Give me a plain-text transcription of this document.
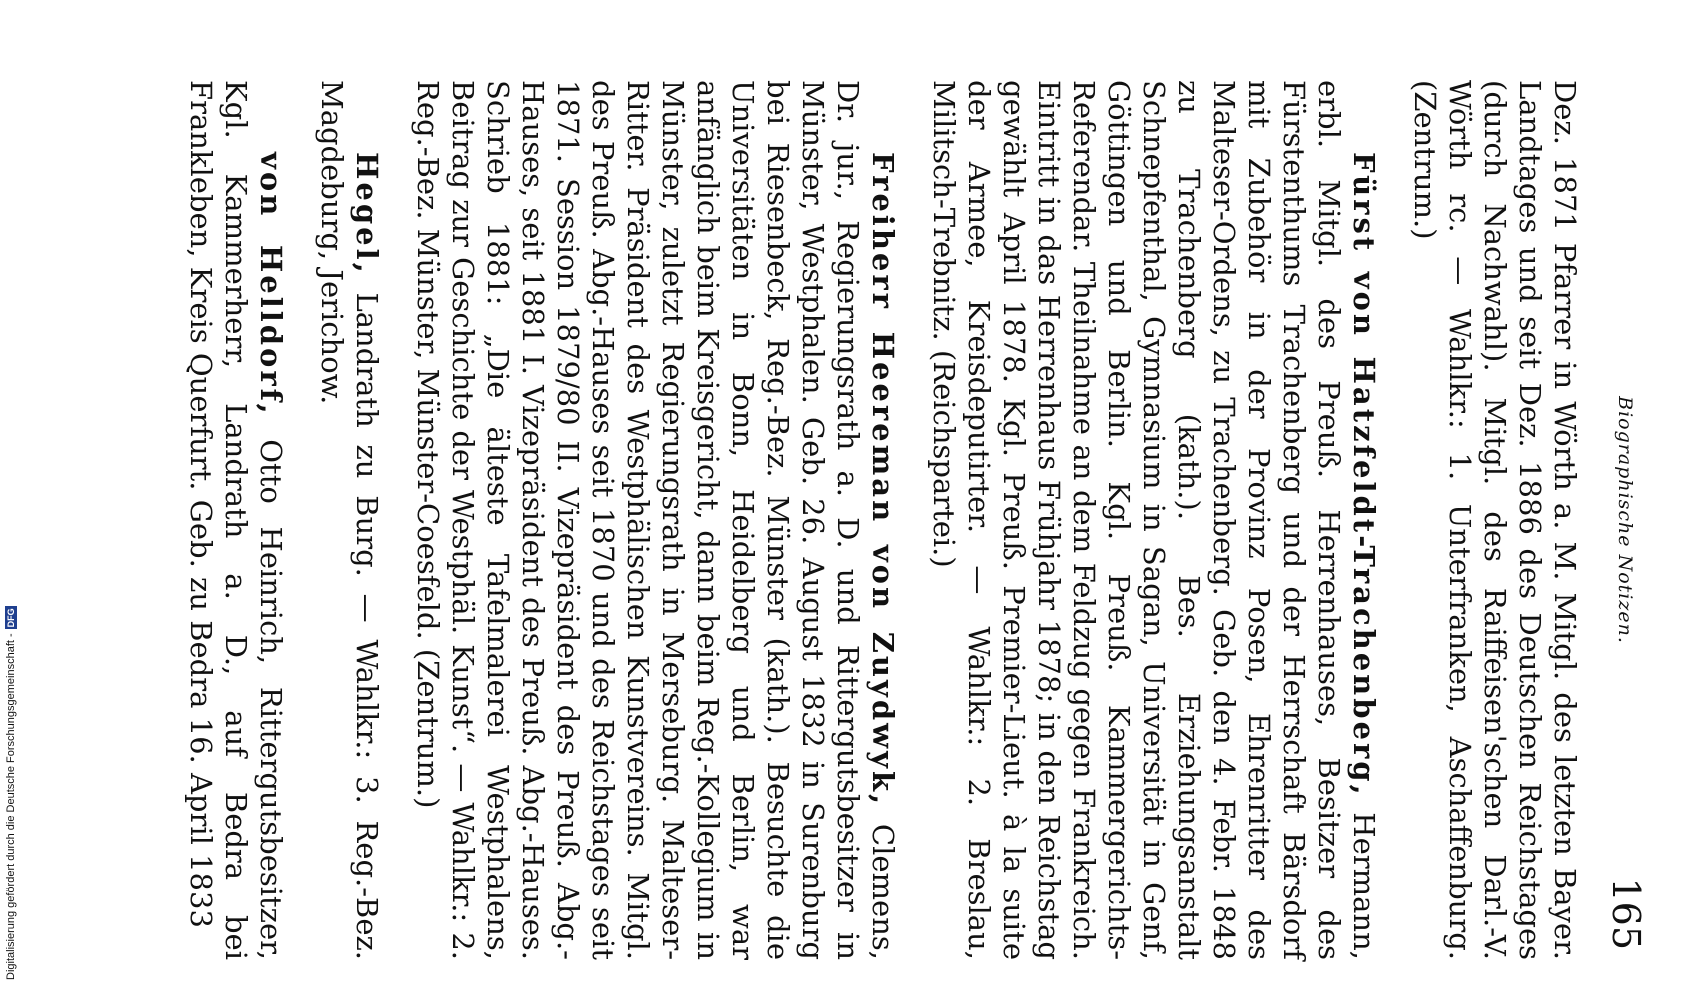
Biographische Notizen.
165

Dez. 1871 Pfarrer in Wörth a. M. Mitgl. des letzten Bayer. Landtages und seit Dez. 1886 des Deutschen Reichstages (durch Nachwahl). Mitgl. des Raiffeisen'schen Darl.-V. Wörth rc. — Wahlkr.: 1. Unterfranken, Aschaffenburg. (Zentrum.)

Fürst von Hatzfeldt-Trachenberg, Hermann, erbl. Mitgl. des Preuß. Herrenhauses, Besitzer des Fürstenthums Trachenberg und der Herrschaft Bärsdorf mit Zubehör in der Provinz Posen, Ehrenritter des Malteser-Ordens, zu Trachenberg. Geb. den 4. Febr. 1848 zu Trachenberg (kath.). Bes. Erziehungsanstalt Schnepfenthal, Gymnasium in Sagan, Universität in Genf, Göttingen und Berlin. Kgl. Preuß. Kammergerichts-Referendar. Theilnahme an dem Feldzug gegen Frankreich. Eintritt in das Herrenhaus Frühjahr 1878; in den Reichstag gewählt April 1878. Kgl. Preuß. Premier-Lieut. à la suite der Armee, Kreisdeputirter. — Wahlkr.: 2. Breslau, Militsch-Trebnitz. (Reichspartei.)

Freiherr Heereman von Zuydwyk, Clemens, Dr. jur., Regierungsrath a. D. und Rittergutsbesitzer in Münster, Westphalen. Geb. 26. August 1832 in Surenburg bei Riesenbeck, Reg.-Bez. Münster (kath.). Besuchte die Universitäten in Bonn, Heidelberg und Berlin, war anfänglich beim Kreisgericht, dann beim Reg.-Kollegium in Münster, zuletzt Regierungsrath in Merseburg. Malteser-Ritter. Präsident des Westphälischen Kunstvereins. Mitgl. des Preuß. Abg.-Hauses seit 1870 und des Reichstages seit 1871. Session 1879/80 II. Vizepräsident des Preuß. Abg.-Hauses, seit 1881 I. Vizepräsident des Preuß. Abg.-Hauses. Schrieb 1881: „Die älteste Tafelmalerei Westphalens, Beitrag zur Geschichte der Westphäl. Kunst“. — Wahlkr.: 2. Reg.-Bez. Münster, Münster-Coesfeld. (Zentrum.)

Hegel, Landrath zu Burg. — Wahlkr.: 3. Reg.-Bez. Magdeburg, Jerichow.

von Helldorf, Otto Heinrich, Rittergutsbesitzer, Kgl. Kammerherr, Landrath a. D., auf Bedra bei Frankleben, Kreis Querfurt. Geb. zu Bedra 16. April 1833

Digitalisierung gefördert durch die Deutsche Forschungsgemeinschaft -DFG
